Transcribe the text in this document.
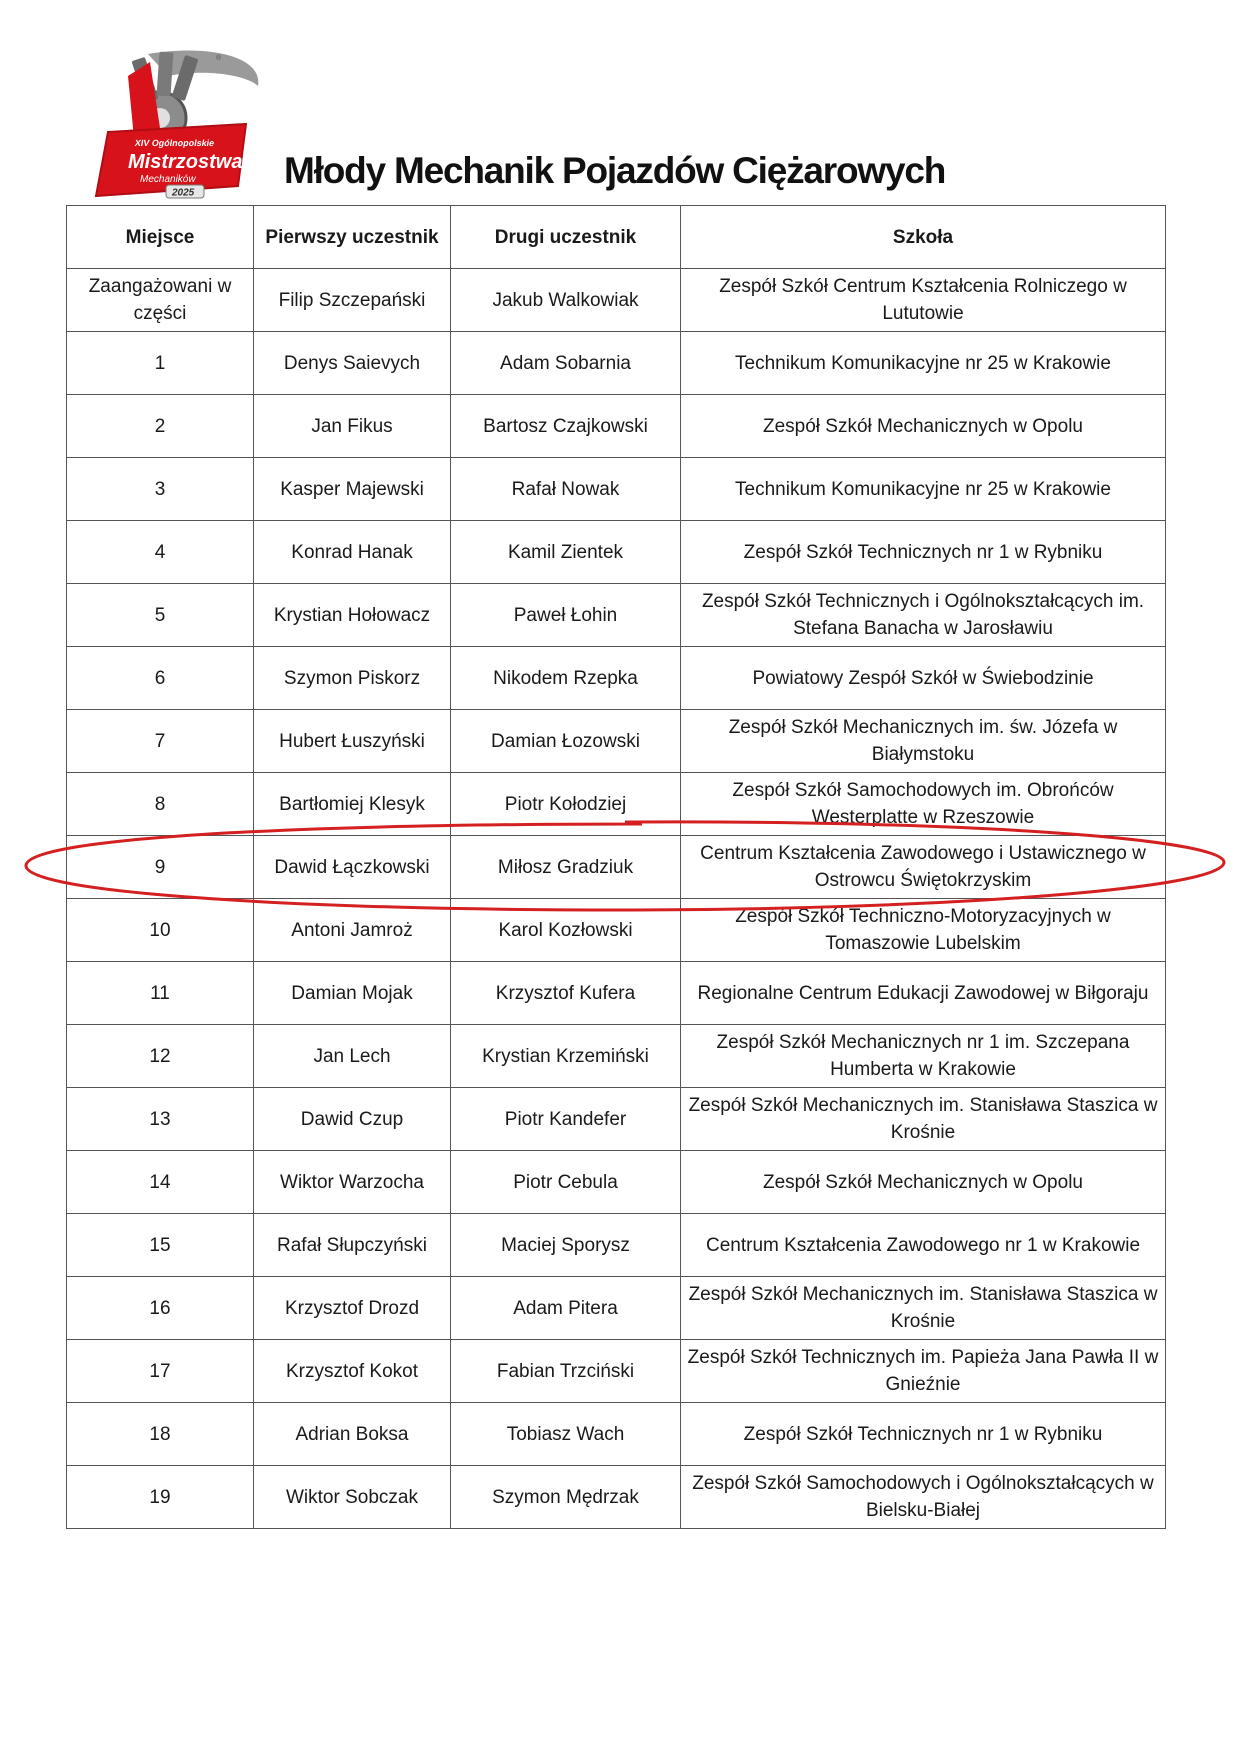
XIV Ogólnopolskie
Mistrzostwa
Mechaników
2025
®
Młody Mechanik Pojazdów Ciężarowych
Miejsce	Pierwszy uczestnik	Drugi uczestnik	Szkoła
Zaangażowani w części	Filip Szczepański	Jakub Walkowiak	Zespół Szkół Centrum Kształcenia Rolniczego w Lututowie
1	Denys Saievych	Adam Sobarnia	Technikum Komunikacyjne nr 25 w Krakowie
2	Jan Fikus	Bartosz Czajkowski	Zespół Szkół Mechanicznych w Opolu
3	Kasper Majewski	Rafał Nowak	Technikum Komunikacyjne nr 25 w Krakowie
4	Konrad Hanak	Kamil Zientek	Zespół Szkół Technicznych nr 1 w Rybniku
5	Krystian Hołowacz	Paweł Łohin	Zespół Szkół Technicznych i Ogólnokształcących im. Stefana Banacha w Jarosławiu
6	Szymon Piskorz	Nikodem Rzepka	Powiatowy Zespół Szkół w Świebodzinie
7	Hubert Łuszyński	Damian Łozowski	Zespół Szkół Mechanicznych im. św. Józefa w Białymstoku
8	Bartłomiej Klesyk	Piotr Kołodziej	Zespół Szkół Samochodowych im. Obrońców Westerplatte w Rzeszowie
9	Dawid Łączkowski	Miłosz Gradziuk	Centrum Kształcenia Zawodowego i Ustawicznego w Ostrowcu Świętokrzyskim
10	Antoni Jamroż	Karol Kozłowski	Zespół Szkół Techniczno-Motoryzacyjnych w Tomaszowie Lubelskim
11	Damian Mojak	Krzysztof Kufera	Regionalne Centrum Edukacji Zawodowej w Biłgoraju
12	Jan Lech	Krystian Krzemiński	Zespół Szkół Mechanicznych nr 1 im. Szczepana Humberta w Krakowie
13	Dawid Czup	Piotr Kandefer	Zespół Szkół Mechanicznych im. Stanisława Staszica w Krośnie
14	Wiktor Warzocha	Piotr Cebula	Zespół Szkół Mechanicznych w Opolu
15	Rafał Słupczyński	Maciej Sporysz	Centrum Kształcenia Zawodowego nr 1 w Krakowie
16	Krzysztof Drozd	Adam Pitera	Zespół Szkół Mechanicznych im. Stanisława Staszica w Krośnie
17	Krzysztof Kokot	Fabian Trzciński	Zespół Szkół Technicznych im. Papieża Jana Pawła II w Gnieźnie
18	Adrian Boksa	Tobiasz Wach	Zespół Szkół Technicznych nr 1 w Rybniku
19	Wiktor Sobczak	Szymon Mędrzak	Zespół Szkół Samochodowych i Ogólnokształcących w Bielsku-Białej
